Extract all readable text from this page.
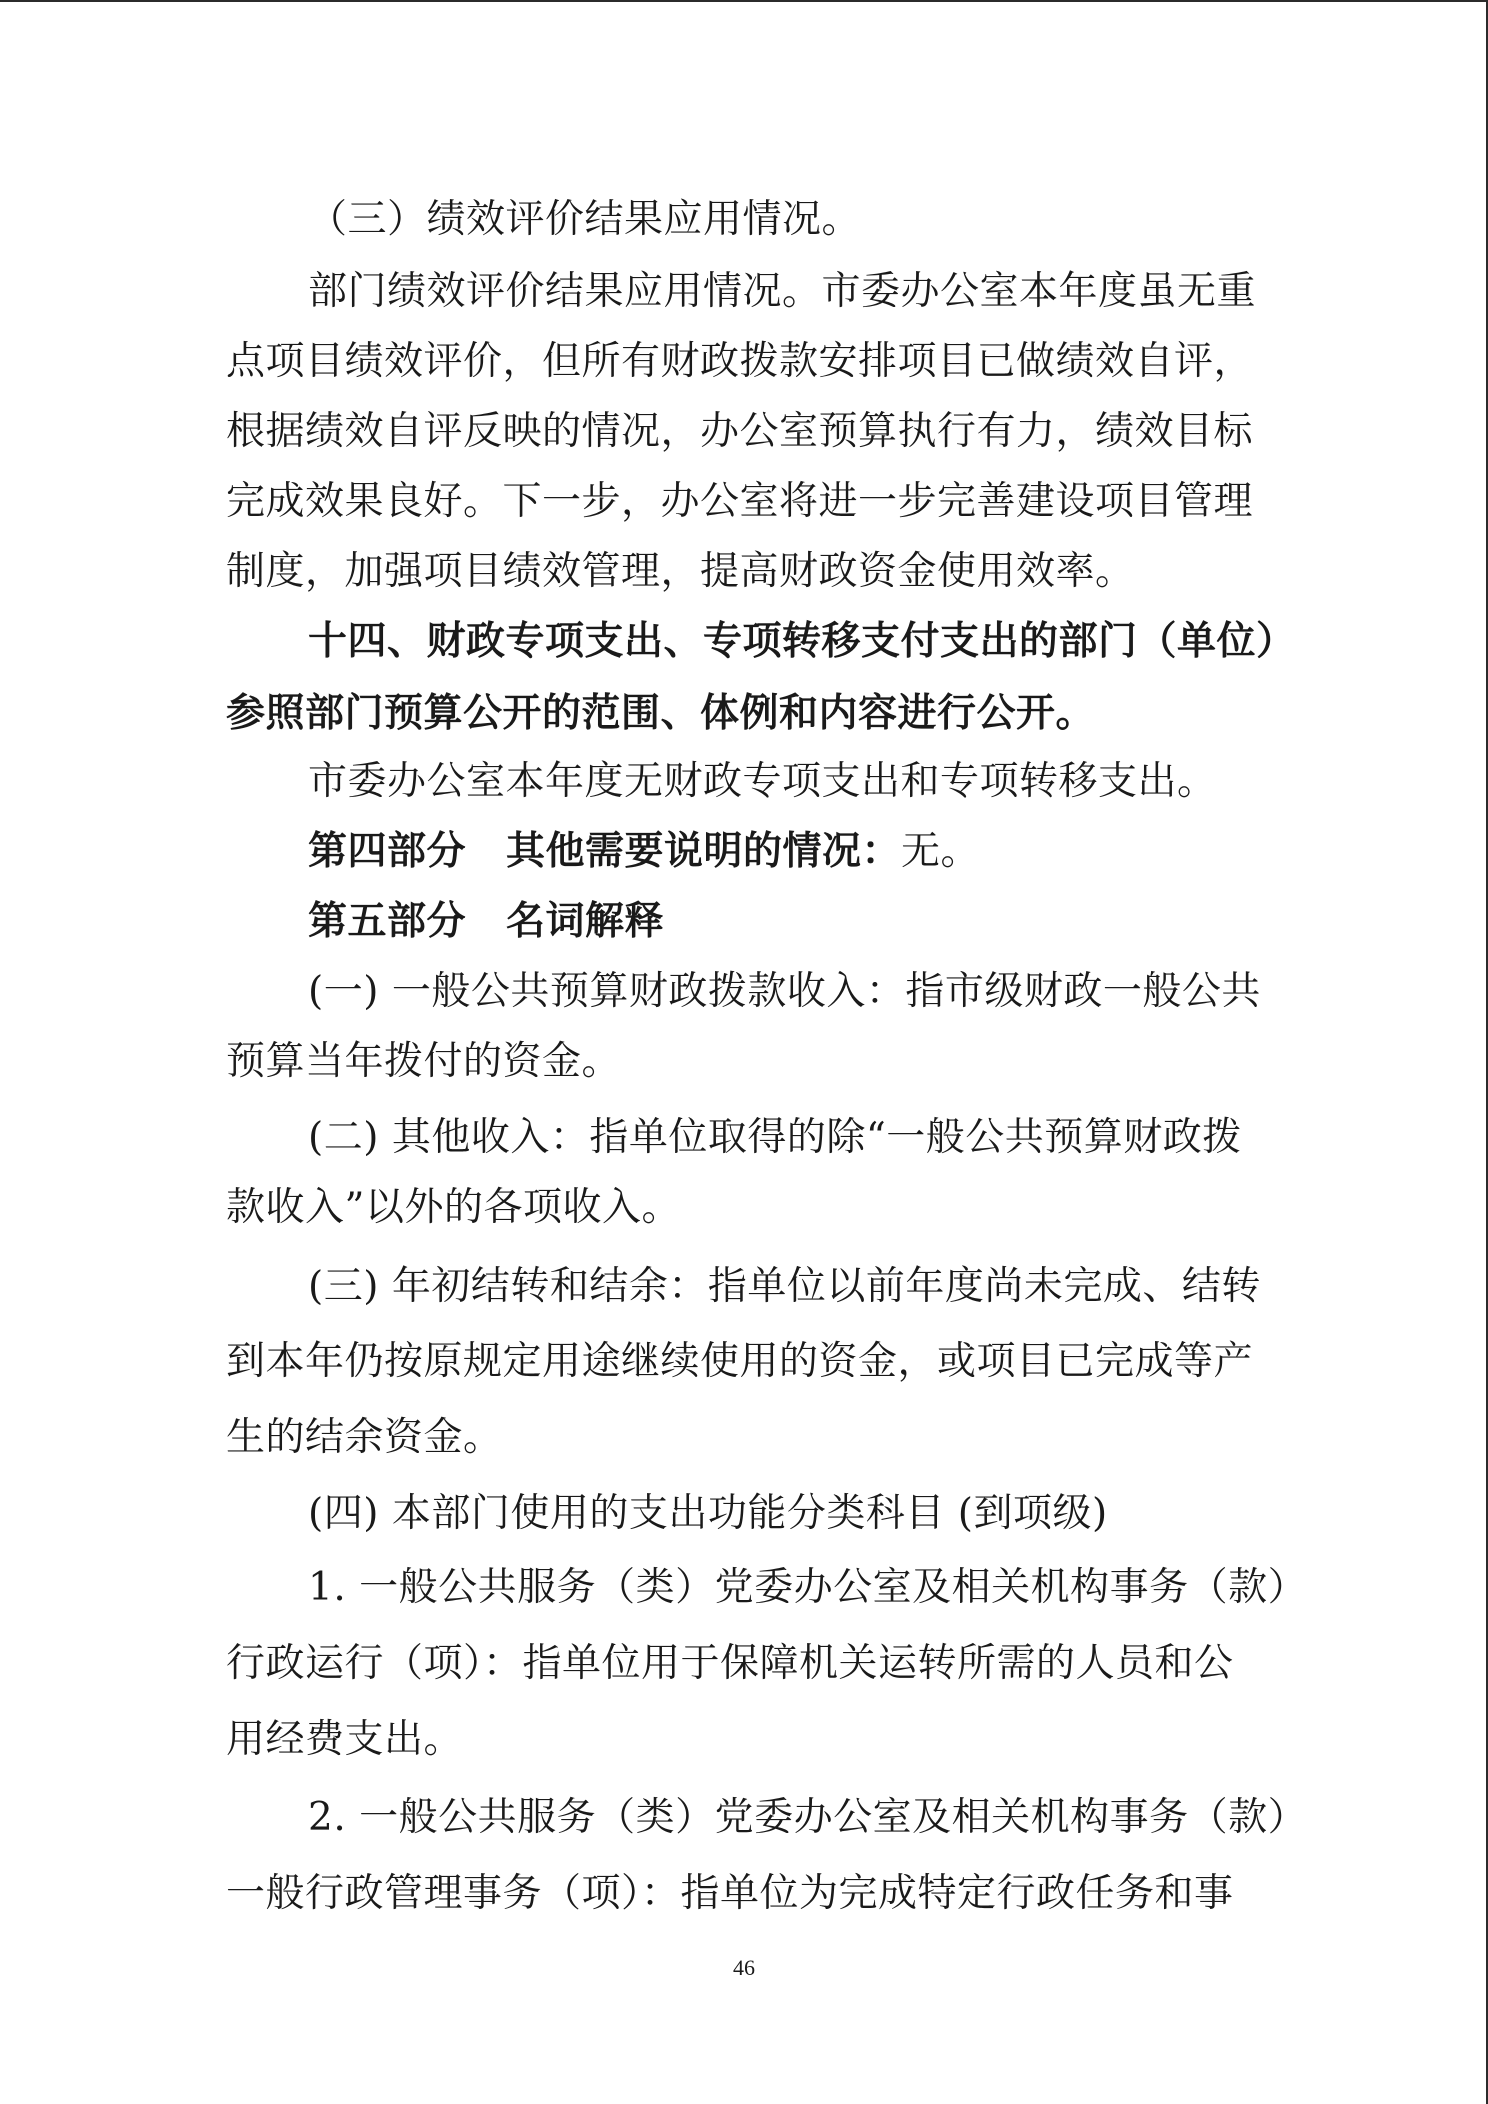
（三）绩效评价结果应用情况。
部门绩效评价结果应用情况。市委办公室本年度虽无重
点项目绩效评价，但所有财政拨款安排项目已做绩效自评，
根据绩效自评反映的情况，办公室预算执行有力，绩效目标
完成效果良好。下一步，办公室将进一步完善建设项目管理
制度，加强项目绩效管理，提高财政资金使用效率。
十四、财政专项支出、专项转移支付支出的部门（单位）
参照部门预算公开的范围、体例和内容进行公开。
市委办公室本年度无财政专项支出和专项转移支出。
第四部分 其他需要说明的情况：无。
第五部分 名词解释
(一) 一般公共预算财政拨款收入：指市级财政一般公共
预算当年拨付的资金。
(二) 其他收入：指单位取得的除“一般公共预算财政拨
款收入”以外的各项收入。
(三) 年初结转和结余：指单位以前年度尚未完成、结转
到本年仍按原规定用途继续使用的资金，或项目已完成等产
生的结余资金。
(四) 本部门使用的支出功能分类科目 (到项级)
1. 一般公共服务（类）党委办公室及相关机构事务（款）
行政运行（项）：指单位用于保障机关运转所需的人员和公
用经费支出。
2. 一般公共服务（类）党委办公室及相关机构事务（款）
一般行政管理事务（项）：指单位为完成特定行政任务和事
46
